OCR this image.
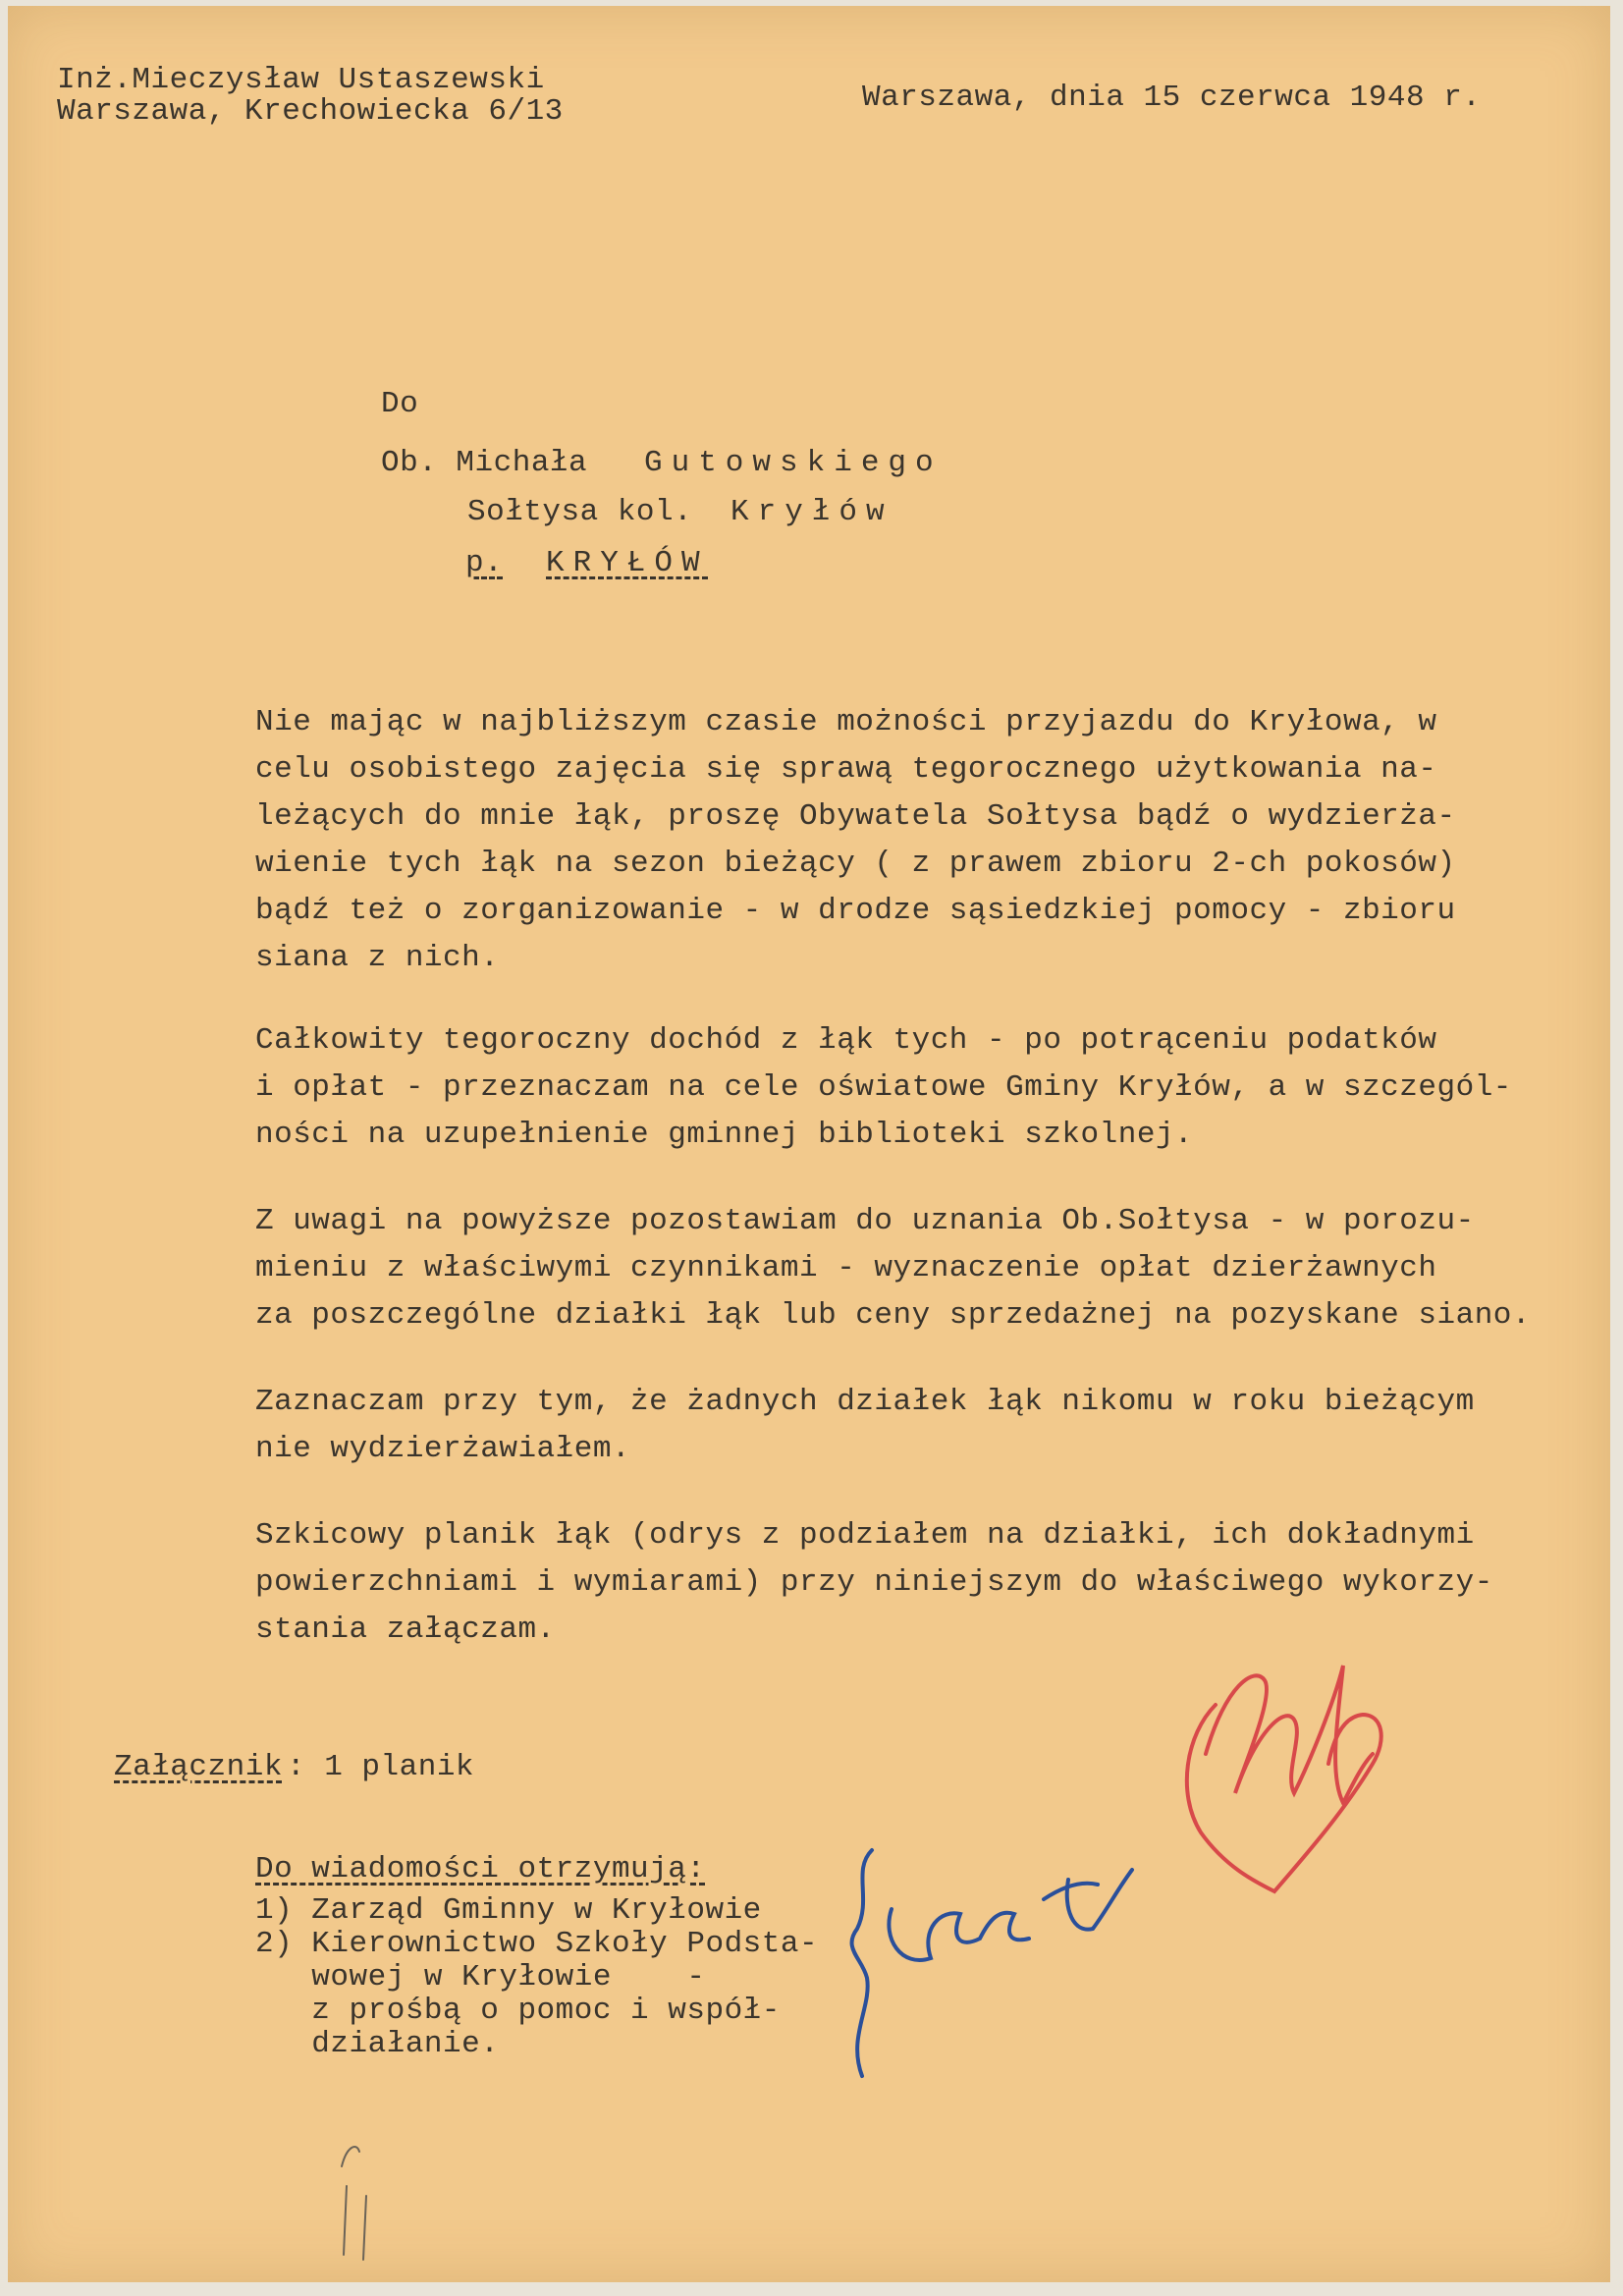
Inż.Mieczysław Ustaszewski
Warszawa, Krechowiecka 6/13	Warszawa, dnia 15 czerwca 1948 r.
Do
Ob. Michała Gutowskiego
Sołtysa kol. Kryłów
p. KRYŁÓW
Nie mając w najbliższym czasie możności przyjazdu do Kryłowa, w
celu osobistego zajęcia się sprawą tegorocznego użytkowania na-
leżących do mnie łąk, proszę Obywatela Sołtysa bądź o wydzierża-
wienie tych łąk na sezon bieżący ( z prawem zbioru 2-ch pokosów)
bądź też o zorganizowanie - w drodze sąsiedzkiej pomocy - zbioru
siana z nich.
Całkowity tegoroczny dochód z łąk tych - po potrąceniu podatków
i opłat - przeznaczam na cele oświatowe Gminy Kryłów, a w szczegól-
ności na uzupełnienie gminnej biblioteki szkolnej.
Z uwagi na powyższe pozostawiam do uznania Ob.Sołtysa - w porozu-
mieniu z właściwymi czynnikami - wyznaczenie opłat dzierżawnych
za poszczególne działki łąk lub ceny sprzedażnej na pozyskane siano.
Zaznaczam przy tym, że żadnych działek łąk nikomu w roku bieżącym
nie wydzierżawiałem.
Szkicowy planik łąk (odrys z podziałem na działki, ich dokładnymi
powierzchniami i wymiarami) przy niniejszym do właściwego wykorzy-
stania załączam.
Załącznik : 1 planik
Do wiadomości otrzymują:
1) Zarząd Gminny w Kryłowie
2) Kierownictwo Szkoły Podsta-
wowej w Kryłowie    -
z prośbą o pomoc i współ-
działanie.
